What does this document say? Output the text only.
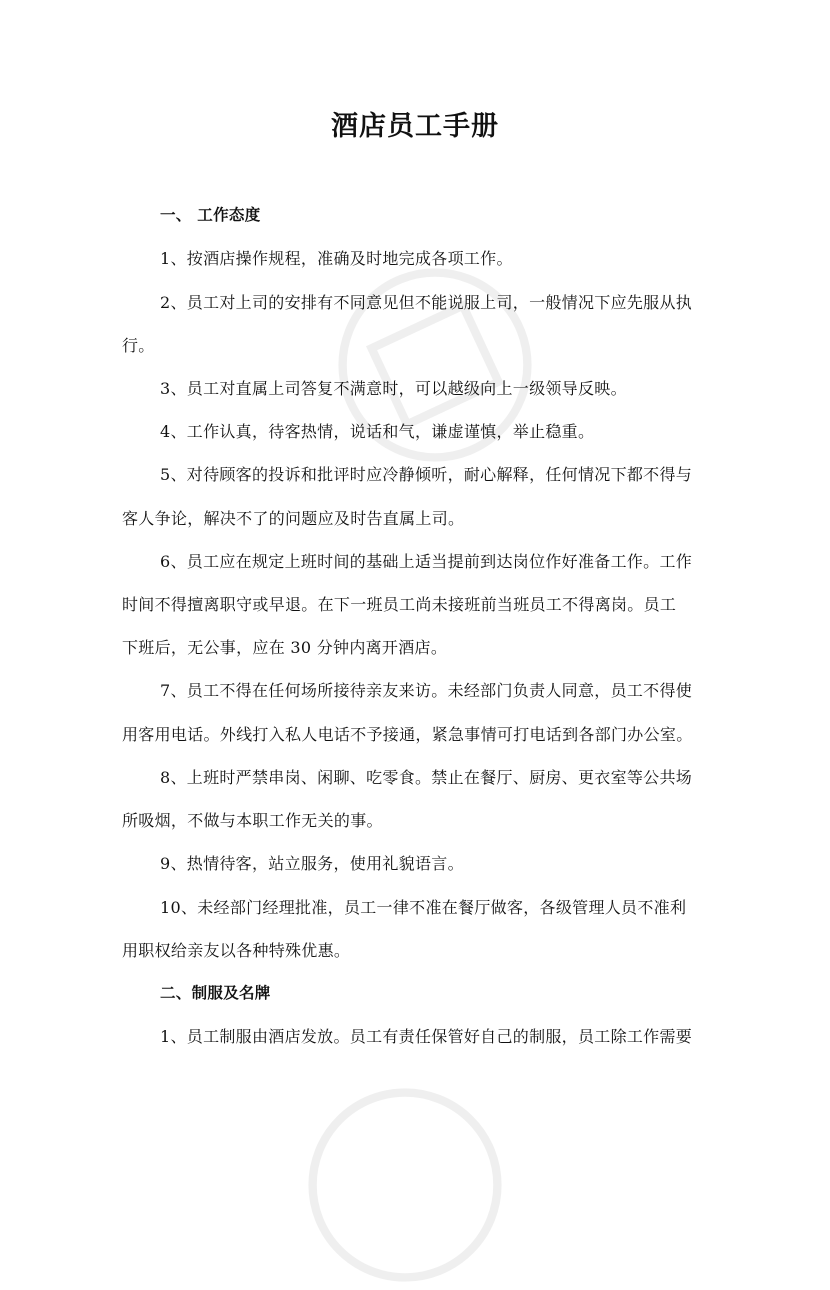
酒店员工手册
一、 工作态度
1、按酒店操作规程，准确及时地完成各项工作。
2、员工对上司的安排有不同意见但不能说服上司，一般情况下应先服从执
行。
3、员工对直属上司答复不满意时，可以越级向上一级领导反映。
4、工作认真，待客热情，说话和气，谦虚谨慎，举止稳重。
5、对待顾客的投诉和批评时应冷静倾听，耐心解释，任何情况下都不得与
客人争论，解决不了的问题应及时告直属上司。
6、员工应在规定上班时间的基础上适当提前到达岗位作好准备工作。工作
时间不得擅离职守或早退。在下一班员工尚未接班前当班员工不得离岗。员工
下班后，无公事，应在 30 分钟内离开酒店。
7、员工不得在任何场所接待亲友来访。未经部门负责人同意，员工不得使
用客用电话。外线打入私人电话不予接通，紧急事情可打电话到各部门办公室。
8、上班时严禁串岗、闲聊、吃零食。禁止在餐厅、厨房、更衣室等公共场
所吸烟，不做与本职工作无关的事。
9、热情待客，站立服务，使用礼貌语言。
10、未经部门经理批准，员工一律不准在餐厅做客，各级管理人员不准利
用职权给亲友以各种特殊优惠。
二、制服及名牌
1、员工制服由酒店发放。员工有责任保管好自己的制服，员工除工作需要
